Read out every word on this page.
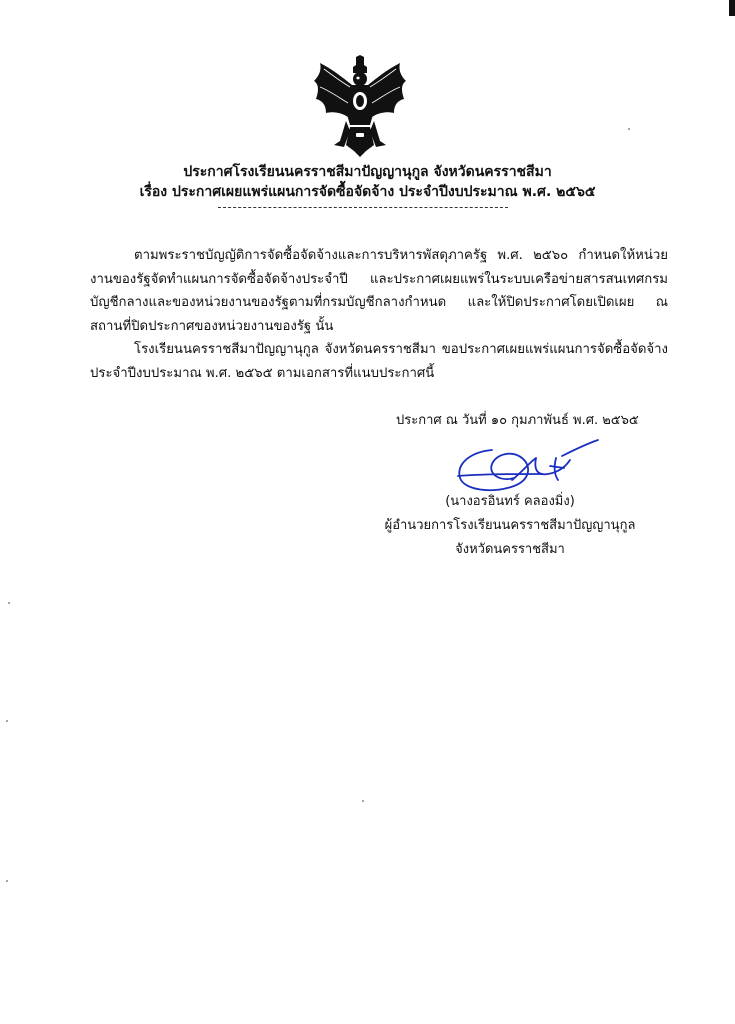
ประกาศโรงเรียนนครราชสีมาปัญญานุกูล จังหวัดนครราชสีมา
เรื่อง ประกาศเผยแพร่แผนการจัดซื้อจัดจ้าง ประจำปีงบประมาณ พ.ศ. ๒๕๖๕

ตามพระราชบัญญัติการจัดซื้อจัดจ้างและการบริหารพัสดุภาครัฐ พ.ศ. ๒๕๖๐ กำหนดให้หน่วยงานของรัฐจัดทำแผนการจัดซื้อจัดจ้างประจำปี และประกาศเผยแพร่ในระบบเครือข่ายสารสนเทศกรมบัญชีกลางและของหน่วยงานของรัฐตามที่กรมบัญชีกลางกำหนด และให้ปิดประกาศโดยเปิดเผย ณ สถานที่ปิดประกาศของหน่วยงานของรัฐ นั้น

โรงเรียนนครราชสีมาปัญญานุกูล จังหวัดนครราชสีมา ขอประกาศเผยแพร่แผนการจัดซื้อจัดจ้าง ประจำปีงบประมาณ พ.ศ. ๒๕๖๕ ตามเอกสารที่แนบประกาศนี้

ประกาศ ณ วันที่ ๑๐ กุมภาพันธ์ พ.ศ. ๒๕๖๕
(นางอรอินทร์ คลองมิ่ง)
ผู้อำนวยการโรงเรียนนครราชสีมาปัญญานุกูล
จังหวัดนครราชสีมา
